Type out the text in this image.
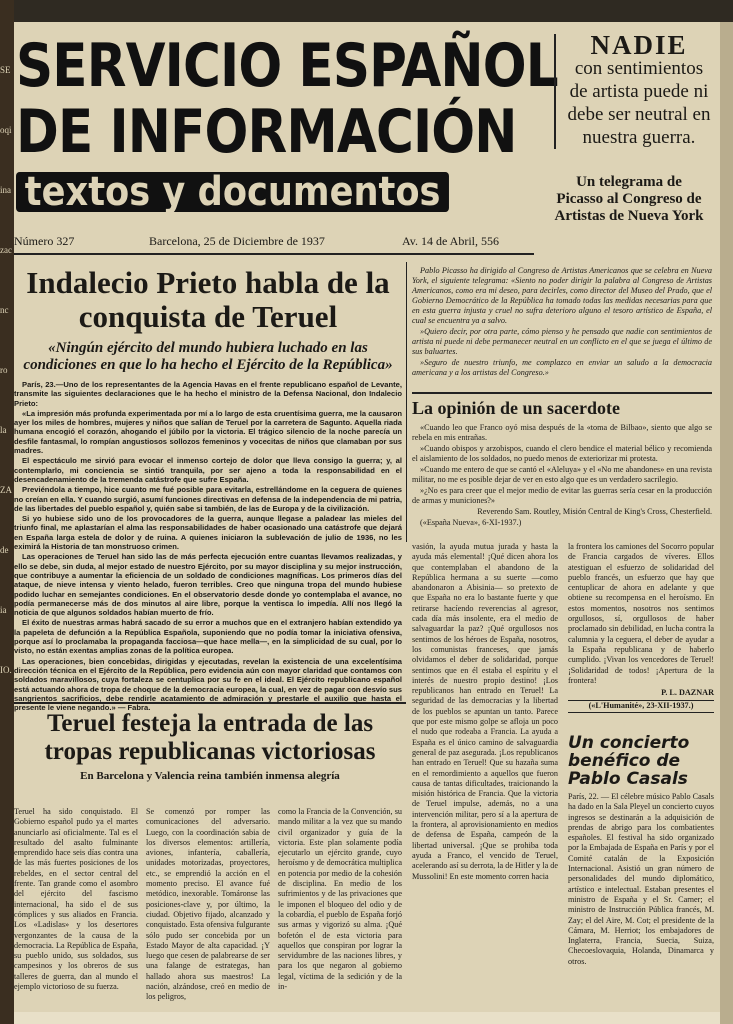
SERVICIO ESPAÑOL
DE INFORMACIÓN
textos y documentos
NADIE
con sentimientos de artista puede ni debe ser neutral en nuestra guerra.
Un telegrama de Picasso al Congreso de Artistas de Nueva York
Número 327	Barcelona, 25 de Diciembre de 1937	Av. 14 de Abril, 556
Indalecio Prieto habla de la conquista de Teruel
«Ningún ejército del mundo hubiera luchado en las condiciones en que lo ha hecho el Ejército de la República»

París, 23.—Uno de los representantes de la Agencia Havas en el frente republicano español de Levante, transmite las siguientes declaraciones que le ha hecho el ministro de la Defensa Nacional, don Indalecio Prieto:

«La impresión más profunda experimentada por mí a lo largo de esta cruentísima guerra, me la causaron ayer los miles de hombres, mujeres y niños que salían de Teruel por la carretera de Sagunto. Aquella riada humana encogió el corazón, ahogando el júbilo por la victoria. El trágico silencio de la noche parecía un desfile fantasmal, lo rompían angustiosos sollozos femeninos y vocecitas de niños que clamaban por sus madres.

El espectáculo me sirvió para evocar el inmenso cortejo de dolor que lleva consigo la guerra; y, al contemplarlo, mi conciencia se sintió tranquila, por ser ajeno a toda la responsabilidad en el desencadenamiento de la tremenda catástrofe que sufre España.

Previéndola a tiempo, hice cuanto me fué posible para evitarla, estrellándome en la ceguera de quienes no creían en ella. Y cuando surgió, asumí funciones directivas en defensa de la independencia de mi patria, de las libertades del pueblo español y, quién sabe si también, de las de Europa y de la civilización.

Si yo hubiese sido uno de los provocadores de la guerra, aunque llegase a paladear las mieles del triunfo final, me aplastarían el alma las responsabilidades de haber ocasionado una catástrofe que dejará en España larga estela de dolor y de ruina. A quienes iniciaron la sublevación de julio de 1936, no les eximirá la Historia de tan monstruoso crimen.

Las operaciones de Teruel han sido las de más perfecta ejecución entre cuantas llevamos realizadas, y ello se debe, sin duda, al mejor estado de nuestro Ejército, por su mayor disciplina y su mejor instrucción, que contribuye a aumentar la eficiencia de un soldado de condiciones magníficas. Los primeros días del ataque, de nieve intensa y viento helado, fueron terribles. Creo que ninguna tropa del mundo hubiese podido luchar en semejantes condiciones. En el observatorio desde donde yo contemplaba el avance, no podía permanecerse más de dos minutos al aire libre, porque la ventisca lo impedía. Allí nos llegó la noticia de que algunos soldados habían muerto de frío.

El éxito de nuestras armas habrá sacado de su error a muchos que en el extranjero habían extendido ya la papeleta de defunción a la República Española, suponiendo que no podía tomar la iniciativa ofensiva, porque así lo proclamaba la propaganda facciosa—que hace mella—, en la simplicidad de su cual, por lo visto, no están exentas amplias zonas de la política europea.

Las operaciones, bien concebidas, dirigidas y ejecutadas, revelan la existencia de una excelentísima dirección técnica en el Ejército de la República, pero evidencia aún con mayor claridad que contamos con soldados maravillosos, cuya fortaleza se centuplica por su fe en el ideal. El Ejército republicano español está actuando ahora de tropa de choque de la democracia europea, la cual, en vez de pagar con desvío sus sangrientos sacrificios, debe rendirle acatamiento de admiración y prestarle el auxilio que hasta el presente le viene negando.» — Fabra.

Pablo Picasso ha dirigido al Congreso de Artistas Americanos que se celebra en Nueva York, el siguiente telegrama: «Siento no poder dirigir la palabra al Congreso de Artistas Americanos, como era mi deseo, para decirles, como director del Museo del Prado, que el Gobierno Democrático de la República ha tomado todas las medidas necesarias para que en esta guerra injusta y cruel no sufra deterioro alguno el tesoro artístico de España, el cual se encuentra ya a salvo.

»Quiero decir, por otra parte, cómo pienso y he pensado que nadie con sentimientos de artista ni puede ni debe permanecer neutral en un conflicto en el que se juega el último de sus baluartes.

»Seguro de nuestro triunfo, me complazco en enviar un saludo a la democracia americana y a los artistas del Congreso.»

La opinión de un sacerdote

«Cuando leo que Franco oyó misa después de la «toma de Bilbao», siento que algo se rebela en mis entrañas.

»Cuando obispos y arzobispos, cuando el clero bendice el material bélico y recomienda el aislamiento de los soldados, no puedo menos de exteriorizar mi protesta.

»Cuando me entero de que se cantó el «Aleluya» y el «No me abandones» en una revista militar, no me es posible dejar de ver en esto algo que es un verdadero sacrilegio.

»¿No es para creer que el mejor medio de evitar las guerras sería cesar en la producción de armas y municiones?»

Reverendo Sam. Routley, Misión Central de King's Cross, Chesterfield.

(«España Nueva», 6-XI-1937.)

Teruel festeja la entrada de las tropas republicanas victoriosas
En Barcelona y Valencia reina también inmensa alegría
Teruel ha sido conquistado. El Gobierno español pudo ya el martes anunciarlo así oficialmente. Tal es el resultado del asalto fulminante emprendido hace seis días contra una de las más fuertes posiciones de los rebeldes, en el sector central del frente. Tan grande como el asombro del ejército del fascismo internacional, ha sido el de sus cómplices y sus aliados en Francia. Los «Ladislas» y los desertores vergonzantes de la causa de la democracia. La República de España, su pueblo unido, sus soldados, sus campesinos y los obreros de sus talleres de guerra, dan al mundo el ejemplo victorioso de su fuerza.
Se comenzó por romper las comunicaciones del adversario. Luego, con la coordinación sabia de los diversos elementos: artillería, aviones, infantería, caballería, unidades motorizadas, proyectores, etc., se emprendió la acción en el momento preciso. El avance fué metódico, inexorable. Tomáronse las posiciones-clave y, por último, la ciudad. Objetivo fijado, alcanzado y conquistado. Esta ofensiva fulgurante sólo pudo ser concebida por un Estado Mayor de alta capacidad. ¡Y luego que cesen de palabrearse de ser una falange de estrategas, han hallado ahora sus maestros! La nación, alzándose, creó en medio de los peligros,
como la Francia de la Convención, su mando militar a la vez que su mando civil organizador y guía de la victoria. Este plan solamente podía ejecutarlo un ejército grande, cuyo heroísmo y de democrática multiplica en potencia por medio de la cohesión de disciplina. En medio de los sufrimientos y de las privaciones que le imponen el bloqueo del odio y de la cobardía, el pueblo de España forjó sus armas y vigorizó su alma. ¡Qué bofetón el de esta victoria para aquellos que conspiran por lograr la servidumbre de las naciones libres, y para los que negaron al gobierno legal, víctima de la sedición y de la in-
vasión, la ayuda mutua jurada y hasta la ayuda más elemental! ¡Qué dicen ahora los que contemplaban el abandono de la República hermana a su suerte —como abandonaron a Abisinia— so pretexto de que España no era lo bastante fuerte y que retirarse hacíendo reverencias al agresor, cada día más insolente, era el medio de salvaguardar la paz? ¡Qué orgullosos nos sentimos de los héroes de España, nosotros, los comunistas franceses, que jamás olvidamos el deber de solidaridad, porque sentimos que en él estaba el espíritu y el interés de nuestro propio destino! ¡Los republicanos han entrado en Teruel! La seguridad de las democracias y la libertad de los pueblos se apuntan un tanto. Parece que por este mismo golpe se afloja un poco el nudo que rodeaba a Francia. La ayuda a España es el único camino de salvaguardia general de paz asegurada. ¡Los republicanos han entrado en Teruel! Que su hazaña suma en el remordimiento a aquellos que fueron causa de tantas dificultades, traicionando la misión histórica de Francia. Que la victoria de Teruel impulse, además, no a una intervención militar, pero sí a la apertura de la frontera, al aprovisionamiento en medios de defensa de España, campeón de la libertad universal. ¡Que se prohiba toda ayuda a Franco, el vencido de Teruel, acelerando así su derrota, la de Hitler y la de Mussolini! En este momento corren hacia
la frontera los camiones del Socorro popular de Francia cargados de víveres. Ellos atestiguan el esfuerzo de solidaridad del pueblo francés, un esfuerzo que hay que centuplicar de ahora en adelante y que obtiene su recompensa en el heroísmo. En estos momentos, nosotros nos sentimos orgullosos, sí, orgullosos de haber proclamado sin debilidad, en lucha contra la calumnia y la ceguera, el deber de ayudar a la España republicana y de haberlo cumplido. ¡Vivan los vencedores de Teruel! ¡Solidaridad de todos! ¡Apertura de la frontera!
P. L. DAZNAR
(«L'Humanité», 23-XII-1937.)
Un concierto benéfico de Pablo Casals
París, 22. — El célebre músico Pablo Casals ha dado en la Sala Pleyel un concierto cuyos ingresos se destinarán a la adquisición de prendas de abrigo para los combatientes españoles. El festival ha sido organizado por la Embajada de España en París y por el Comité catalán de la Exposición Internacional. Asistió un gran número de personalidades del mundo diplomático, artístico e intelectual. Estaban presentes el ministro de España y el Sr. Carner; el ministro de Instrucción Pública francés, M. Zay; el del Aire, M. Cot; el presidente de la Cámara, M. Herriot; los embajadores de Inglaterra, Francia, Suecia, Suiza, Checoeslovaquia, Holanda, Dinamarca y otros.
SE
oqi
ina
zac
nc
ro
la
ZA
de
ia
IO.
